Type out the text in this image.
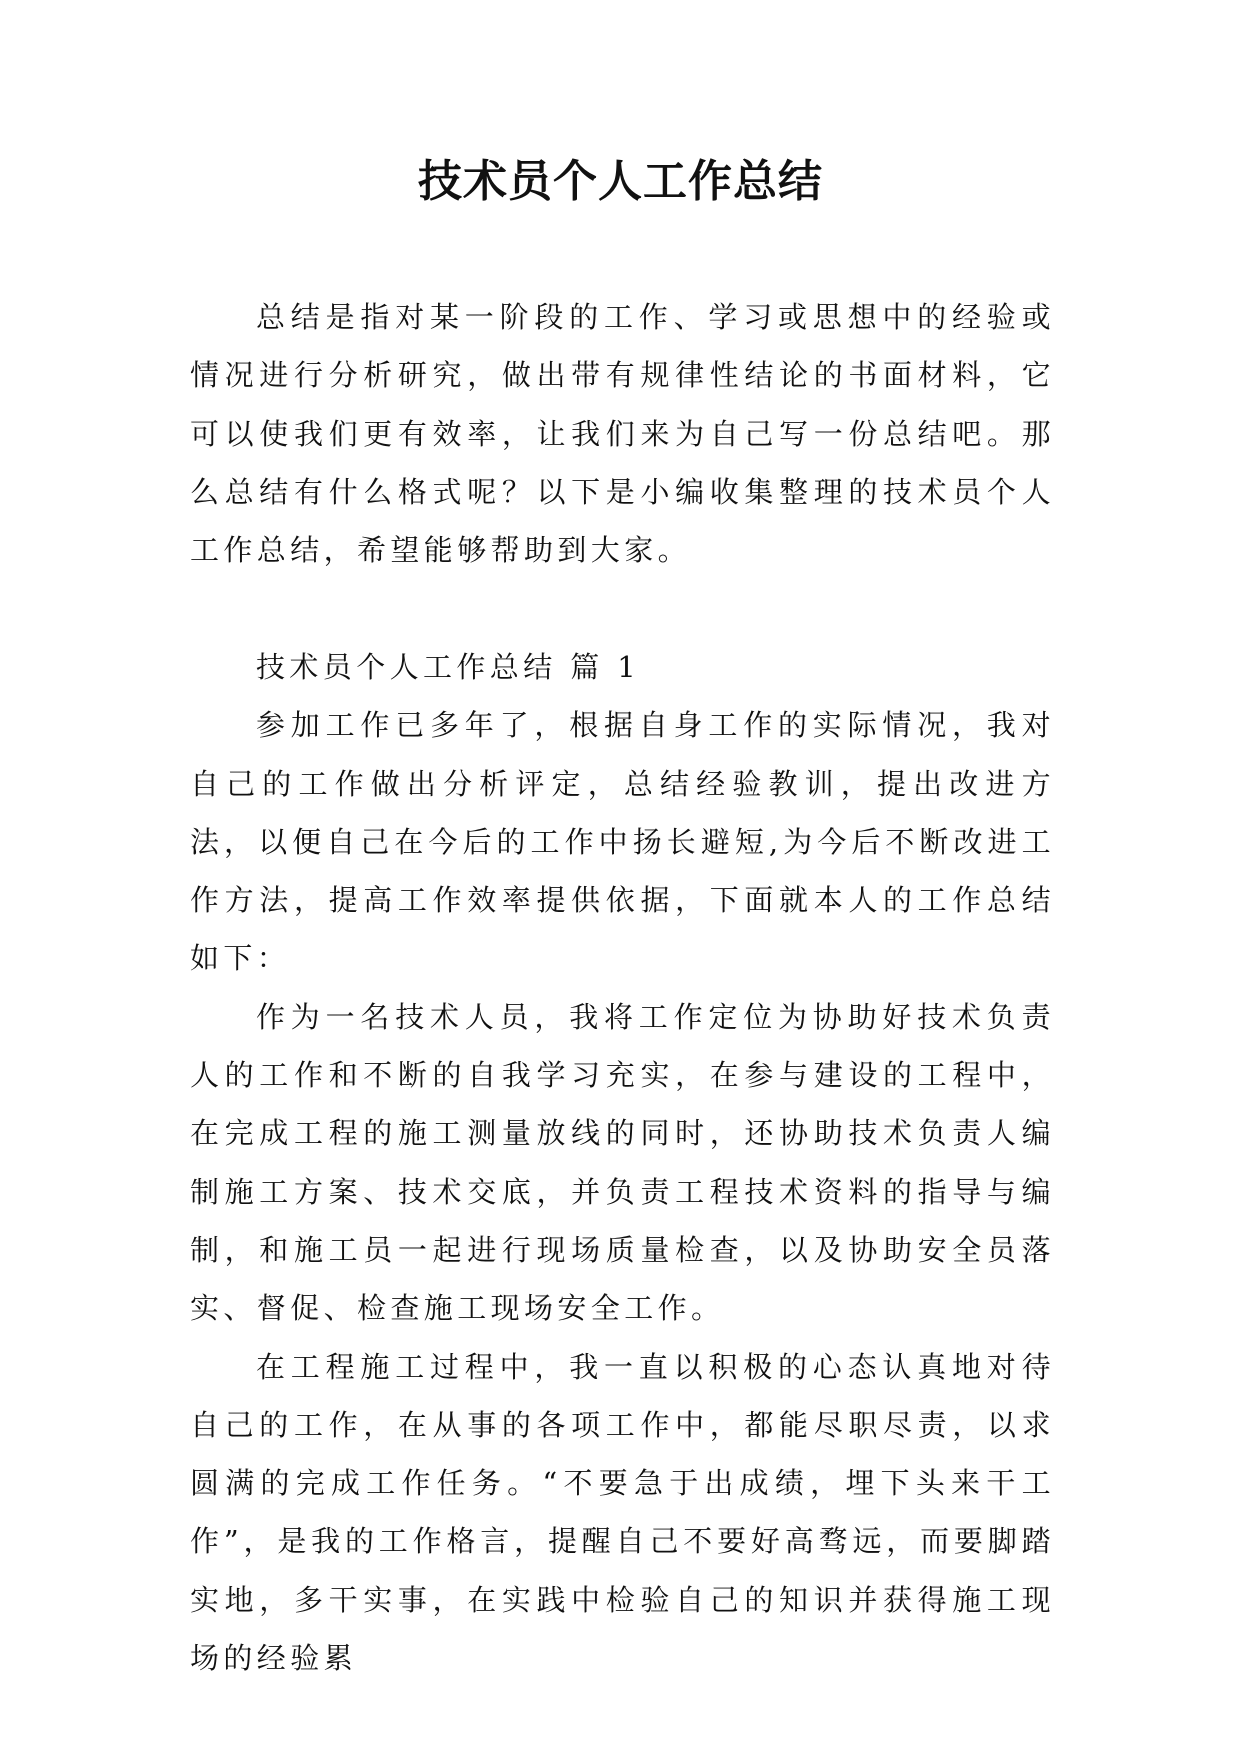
技术员个人工作总结

总结是指对某一阶段的工作、学习或思想中的经验或情况进行分析研究，做出带有规律性结论的书面材料，它可以使我们更有效率，让我们来为自己写一份总结吧。那么总结有什么格式呢？以下是小编收集整理的技术员个人工作总结，希望能够帮助到大家。

技术员个人工作总结 篇 1

参加工作已多年了，根据自身工作的实际情况，我对自己的工作做出分析评定，总结经验教训，提出改进方法，以便自己在今后的工作中扬长避短,为今后不断改进工作方法，提高工作效率提供依据，下面就本人的工作总结如下：

作为一名技术人员，我将工作定位为协助好技术负责人的工作和不断的自我学习充实，在参与建设的工程中，在完成工程的施工测量放线的同时，还协助技术负责人编制施工方案、技术交底，并负责工程技术资料的指导与编制，和施工员一起进行现场质量检查，以及协助安全员落实、督促、检查施工现场安全工作。

在工程施工过程中，我一直以积极的心态认真地对待自己的工作，在从事的各项工作中，都能尽职尽责，以求圆满的完成工作任务。“不要急于出成绩，埋下头来干工作”，是我的工作格言，提醒自己不要好高骛远，而要脚踏实地，多干实事，在实践中检验自己的知识并获得施工现场的经验累
